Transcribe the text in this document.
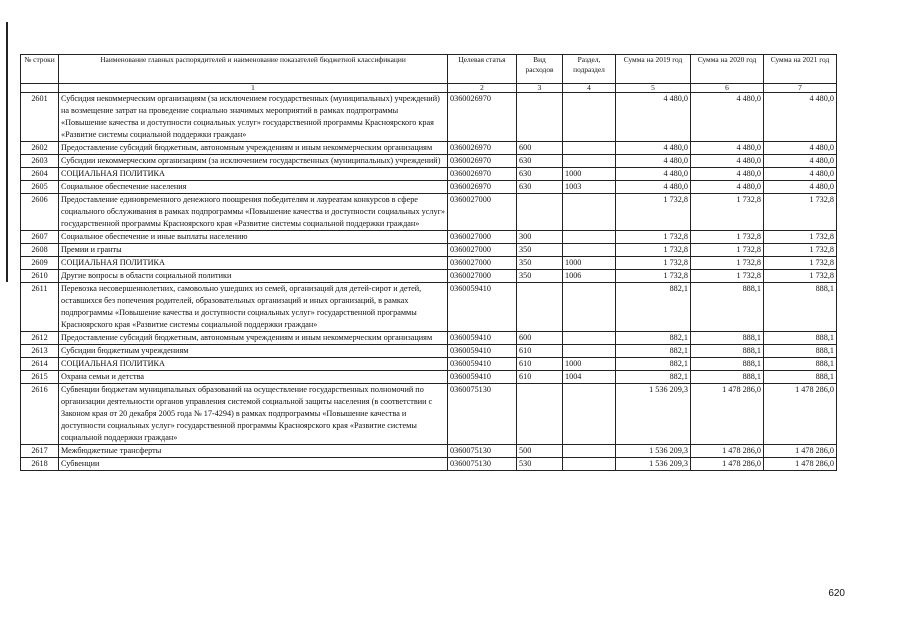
№ строки	Наименование главных распорядителей и наименование показателей бюджетной классификации	Целевая статья	Вид расходов	Раздел, подраздел	Сумма на 2019 год	Сумма на 2020 год	Сумма на 2021 год
	1	2	3	4	5	6	7
2601	Субсидия некоммерческим организациям (за исключением государственных (муниципальных) учреждений) на возмещение затрат на проведение социально значимых мероприятий в рамках подпрограммы «Повышение качества и доступности социальных услуг» государственной программы Красноярского края «Развитие системы социальной поддержки граждан»	0360026970			4 480,0	4 480,0	4 480,0
2602	Предоставление субсидий бюджетным, автономным учреждениям и иным некоммерческим организациям	0360026970	600		4 480,0	4 480,0	4 480,0
2603	Субсидии некоммерческим организациям (за исключением государственных (муниципальных) учреждений)	0360026970	630		4 480,0	4 480,0	4 480,0
2604	СОЦИАЛЬНАЯ ПОЛИТИКА	0360026970	630	1000	4 480,0	4 480,0	4 480,0
2605	Социальное обеспечение населения	0360026970	630	1003	4 480,0	4 480,0	4 480,0
2606	Предоставление единовременного денежного поощрения победителям и лауреатам конкурсов в сфере социального обслуживания в рамках подпрограммы «Повышение качества и доступности социальных услуг» государственной программы Красноярского края «Развитие системы социальной поддержки граждан»	0360027000			1 732,8	1 732,8	1 732,8
2607	Социальное обеспечение и иные выплаты населению	0360027000	300		1 732,8	1 732,8	1 732,8
2608	Премии и гранты	0360027000	350		1 732,8	1 732,8	1 732,8
2609	СОЦИАЛЬНАЯ ПОЛИТИКА	0360027000	350	1000	1 732,8	1 732,8	1 732,8
2610	Другие вопросы в области социальной политики	0360027000	350	1006	1 732,8	1 732,8	1 732,8
2611	Перевозка несовершеннолетних, самовольно ушедших из семей, организаций для детей-сирот и детей, оставшихся без попечения родителей, образовательных организаций и иных организаций, в рамках подпрограммы «Повышение качества и доступности социальных услуг» государственной программы Красноярского края «Развитие системы социальной поддержки граждан»	0360059410			882,1	888,1	888,1
2612	Предоставление субсидий бюджетным, автономным учреждениям и иным некоммерческим организациям	0360059410	600		882,1	888,1	888,1
2613	Субсидии бюджетным учреждениям	0360059410	610		882,1	888,1	888,1
2614	СОЦИАЛЬНАЯ ПОЛИТИКА	0360059410	610	1000	882,1	888,1	888,1
2615	Охрана семьи и детства	0360059410	610	1004	882,1	888,1	888,1
2616	Субвенции бюджетам муниципальных образований на осуществление государственных полномочий по организации деятельности органов управления системой социальной защиты населения (в соответствии с Законом края от 20 декабря 2005 года № 17-4294) в рамках подпрограммы «Повышение качества и доступности социальных услуг» государственной программы Красноярского края «Развитие системы социальной поддержки граждан»	0360075130			1 536 209,3	1 478 286,0	1 478 286,0
2617	Межбюджетные трансферты	0360075130	500		1 536 209,3	1 478 286,0	1 478 286,0
2618	Субвенции	0360075130	530		1 536 209,3	1 478 286,0	1 478 286,0
620
